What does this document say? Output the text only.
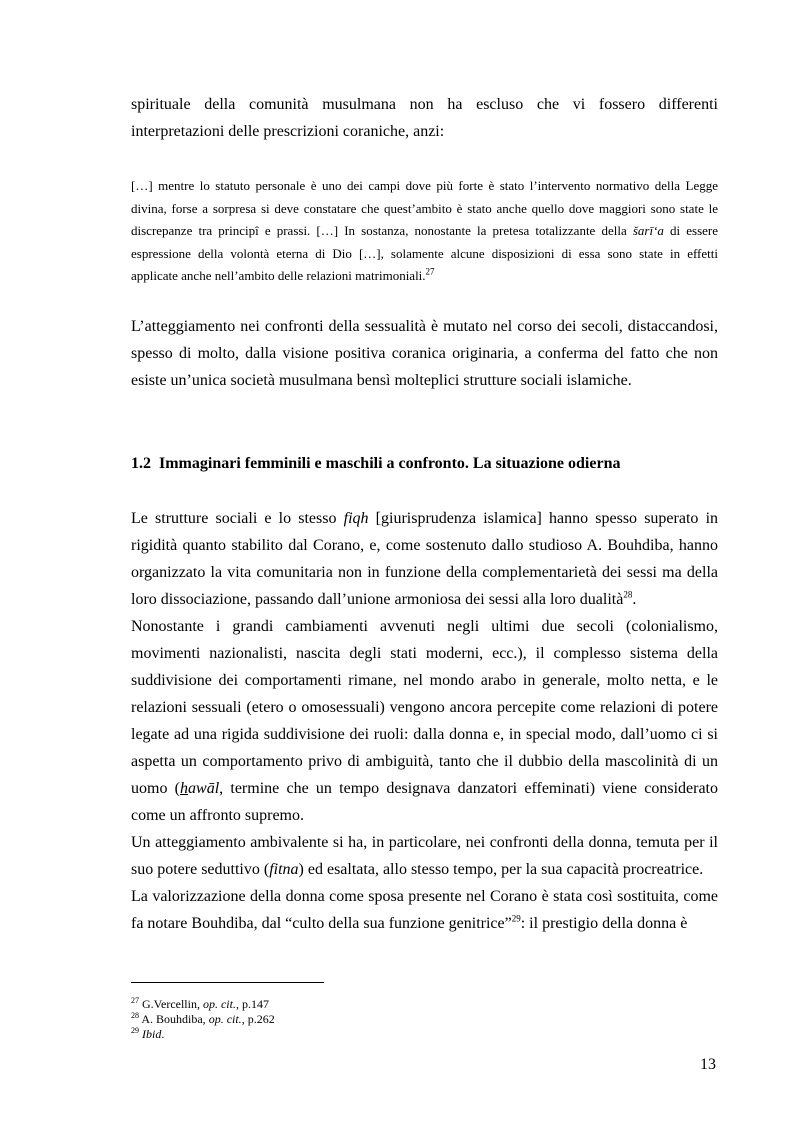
spirituale della comunità musulmana non ha escluso che vi fossero differenti
interpretazioni delle prescrizioni coraniche, anzi:
[…] mentre lo statuto personale è uno dei campi dove più forte è stato l’intervento normativo della Legge
divina, forse a sorpresa si deve constatare che quest’ambito è stato anche quello dove maggiori sono state le
discrepanze tra principî e prassi. […] In sostanza, nonostante la pretesa totalizzante della šarī‘a di essere
espressione della volontà eterna di Dio […], solamente alcune disposizioni di essa sono state in effetti
applicate anche nell’ambito delle relazioni matrimoniali.$^{27}$
L’atteggiamento nei confronti della sessualità è mutato nel corso dei secoli, distaccandosi,
spesso di molto, dalla visione positiva coranica originaria, a conferma del fatto che non
esiste un’unica società musulmana bensì molteplici strutture sociali islamiche.
1.2 Immaginari femminili e maschili a confronto. La situazione odierna
Le strutture sociali e lo stesso fiqh [giurisprudenza islamica] hanno spesso superato in
rigidità quanto stabilito dal Corano, e, come sostenuto dallo studioso A. Bouhdiba, hanno
organizzato la vita comunitaria non in funzione della complementarietà dei sessi ma della
loro dissociazione, passando dall’unione armoniosa dei sessi alla loro dualità$^{28}$.
Nonostante i grandi cambiamenti avvenuti negli ultimi due secoli (colonialismo,
movimenti nazionalisti, nascita degli stati moderni, ecc.), il complesso sistema della
suddivisione dei comportamenti rimane, nel mondo arabo in generale, molto netta, e le
relazioni sessuali (etero o omosessuali) vengono ancora percepite come relazioni di potere
legate ad una rigida suddivisione dei ruoli: dalla donna e, in special modo, dall’uomo ci si
aspetta un comportamento privo di ambiguità, tanto che il dubbio della mascolinità di un
uomo (hawāl, termine che un tempo designava danzatori effeminati) viene considerato
come un affronto supremo.
Un atteggiamento ambivalente si ha, in particolare, nei confronti della donna, temuta per il
suo potere seduttivo (fitna) ed esaltata, allo stesso tempo, per la sua capacità procreatrice.
La valorizzazione della donna come sposa presente nel Corano è stata così sostituita, come
fa notare Bouhdiba, dal “culto della sua funzione genitrice”$^{29}$: il prestigio della donna è
$^{27}$ G.Vercellin, op. cit., p.147
$^{28}$ A. Bouhdiba, op. cit., p.262
$^{29}$ Ibid.
13
